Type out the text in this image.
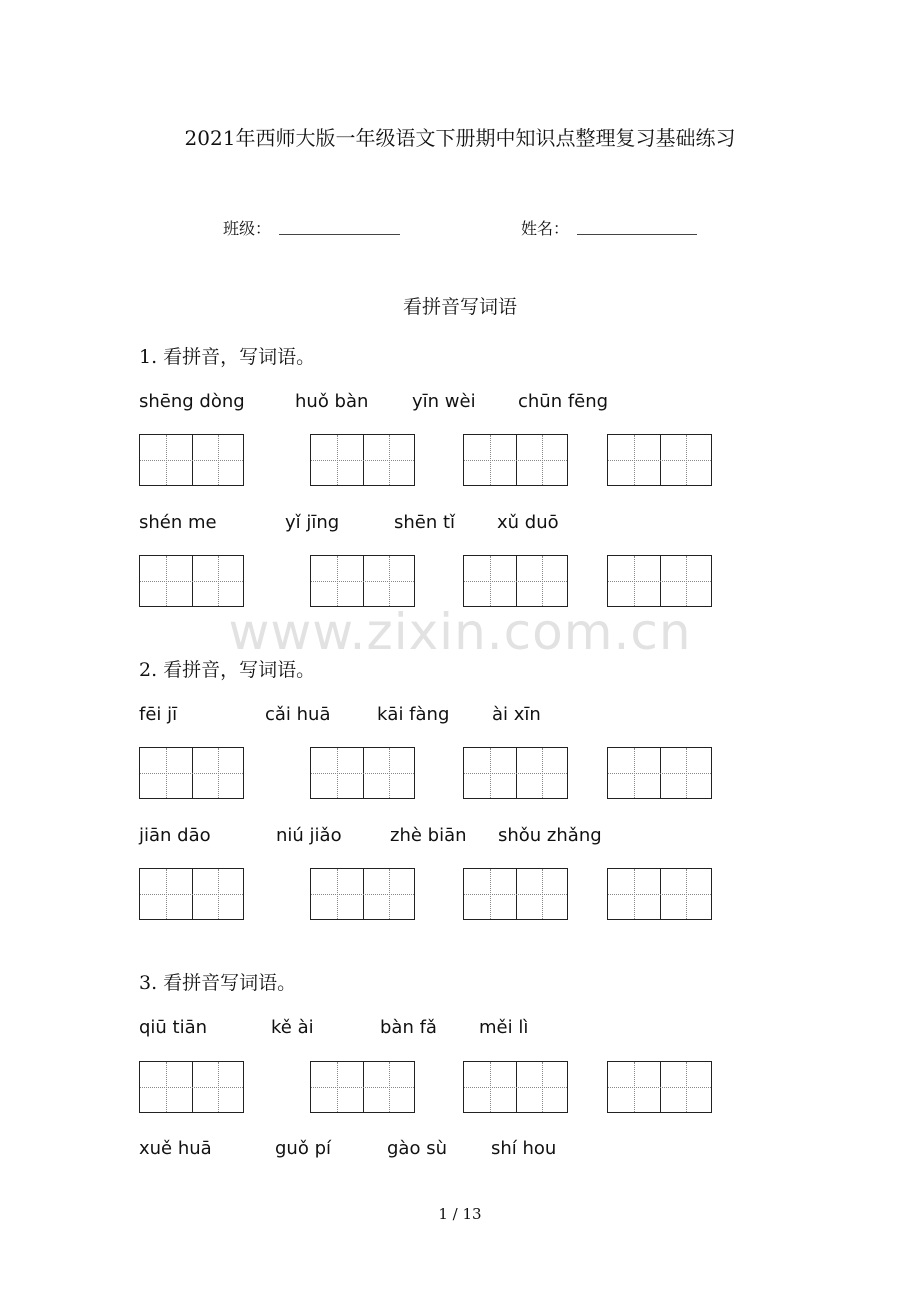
2021年西师大版一年级语文下册期中知识点整理复习基础练习
班级：	姓名：
看拼音写词语
1. 看拼音，写词语。
shēng dòng	huǒ bàn yīn wèi chūn fēng
shén me	yǐ jīng	shēn tǐ xǔ duō
www.zixin.com.cn
2. 看拼音，写词语。
fēi jī	cǎi huā	kāi fàng ài xīn
jiān dāo	niú jiǎo	zhè biān shǒu zhǎng
3. 看拼音写词语。
qiū tiān	kě ài	bàn fǎ měi lì
xuě huā	guǒ pí	gào sù shí hou
1 / 13
